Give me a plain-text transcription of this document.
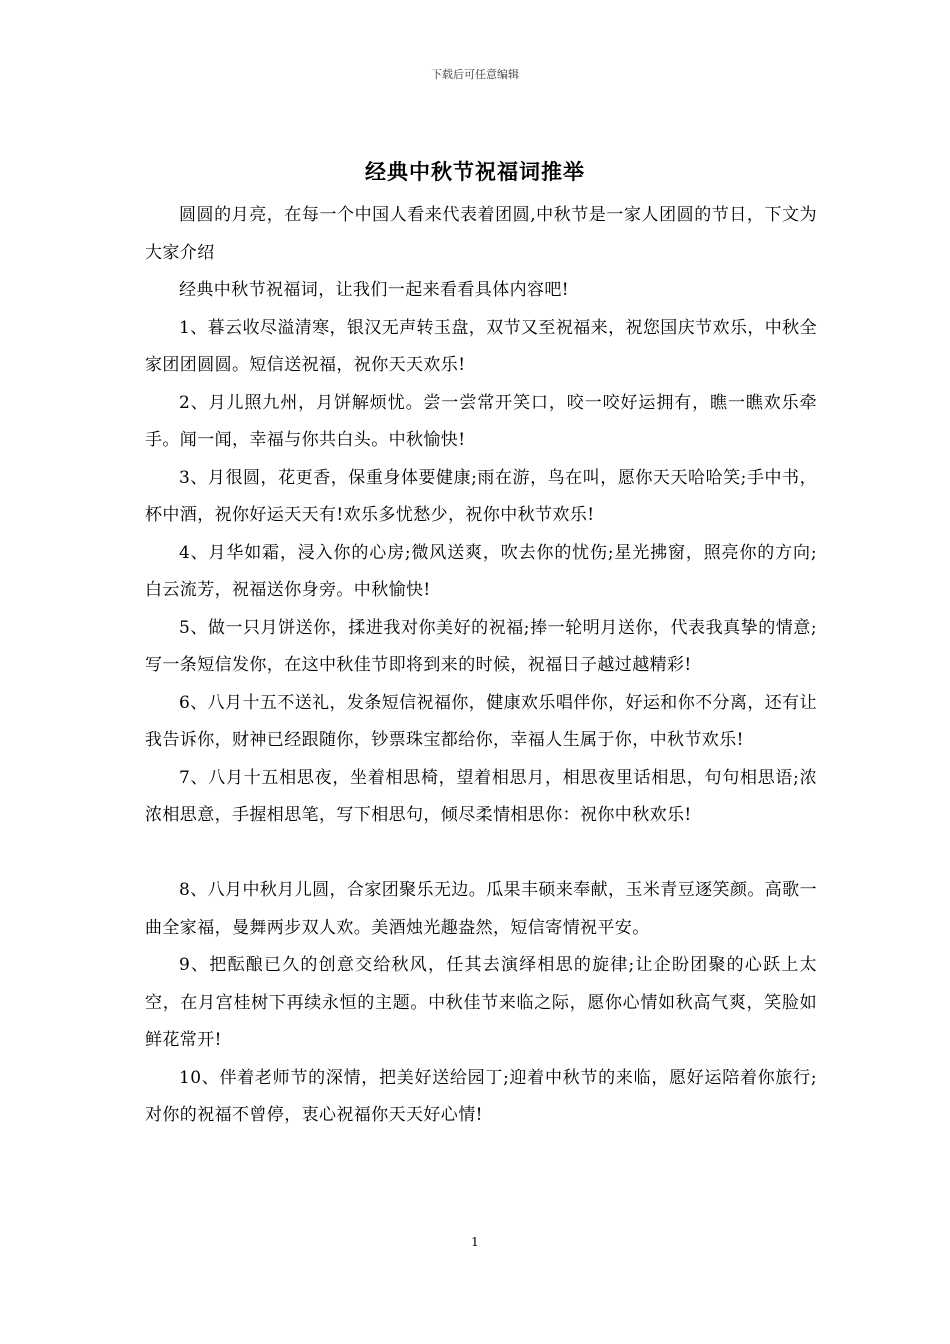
下载后可任意编辑
经典中秋节祝福词推举

圆圆的月亮，在每一个中国人看来代表着团圆,中秋节是一家人团圆的节日，下文为大家介绍

经典中秋节祝福词，让我们一起来看看具体内容吧!

1、暮云收尽溢清寒，银汉无声转玉盘，双节又至祝福来，祝您国庆节欢乐，中秋全家团团圆圆。短信送祝福，祝你天天欢乐!

2、月儿照九州，月饼解烦忧。尝一尝常开笑口，咬一咬好运拥有，瞧一瞧欢乐牵手。闻一闻，幸福与你共白头。中秋愉快!

3、月很圆，花更香，保重身体要健康;雨在游，鸟在叫，愿你天天哈哈笑;手中书，杯中酒，祝你好运天天有!欢乐多忧愁少，祝你中秋节欢乐!

4、月华如霜，浸入你的心房;微风送爽，吹去你的忧伤;星光拂窗，照亮你的方向;白云流芳，祝福送你身旁。中秋愉快!

5、做一只月饼送你，揉进我对你美好的祝福;捧一轮明月送你，代表我真挚的情意;写一条短信发你，在这中秋佳节即将到来的时候，祝福日子越过越精彩!

6、八月十五不送礼，发条短信祝福你，健康欢乐唱伴你，好运和你不分离，还有让我告诉你，财神已经跟随你，钞票珠宝都给你，幸福人生属于你，中秋节欢乐!

7、八月十五相思夜，坐着相思椅，望着相思月，相思夜里话相思，句句相思语;浓浓相思意，手握相思笔，写下相思句，倾尽柔情相思你：祝你中秋欢乐!

8、八月中秋月儿圆，合家团聚乐无边。瓜果丰硕来奉献，玉米青豆逐笑颜。高歌一曲全家福，曼舞两步双人欢。美酒烛光趣盎然，短信寄情祝平安。

9、把酝酿已久的创意交给秋风，任其去演绎相思的旋律;让企盼团聚的心跃上太空，在月宫桂树下再续永恒的主题。中秋佳节来临之际，愿你心情如秋高气爽，笑脸如鲜花常开!

10、伴着老师节的深情，把美好送给园丁;迎着中秋节的来临，愿好运陪着你旅行;对你的祝福不曾停，衷心祝福你天天好心情!

1
